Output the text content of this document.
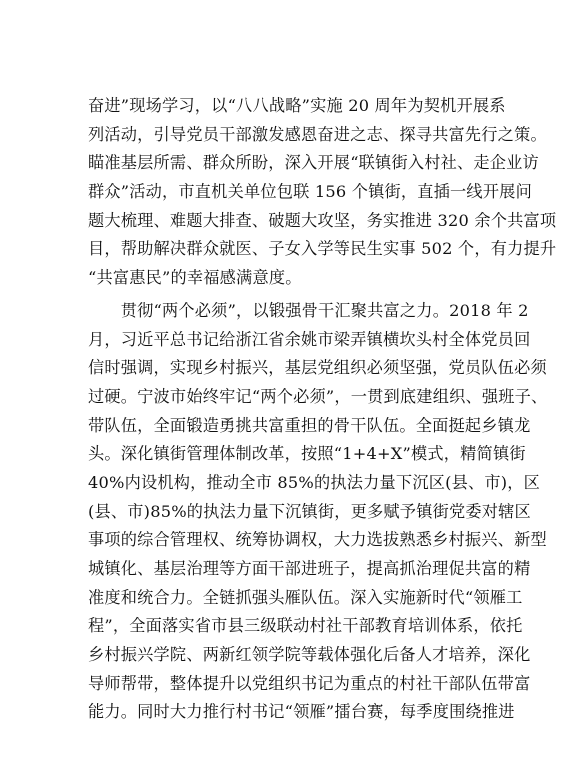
奋进”现场学习，以“八八战略”实施 20 周年为契机开展系
列活动，引导党员干部激发感恩奋进之志、探寻共富先行之策。
瞄准基层所需、群众所盼，深入开展“联镇街入村社、走企业访
群众”活动，市直机关单位包联 156 个镇街，直插一线开展问
题大梳理、难题大排查、破题大攻坚，务实推进 320 余个共富项
目，帮助解决群众就医、子女入学等民生实事 502 个，有力提升
“共富惠民”的幸福感满意度。
　　贯彻“两个必须”，以锻强骨干汇聚共富之力。2018 年 2
月，习近平总书记给浙江省余姚市梁弄镇横坎头村全体党员回
信时强调，实现乡村振兴，基层党组织必须坚强，党员队伍必须
过硬。宁波市始终牢记“两个必须”，一贯到底建组织、强班子、
带队伍，全面锻造勇挑共富重担的骨干队伍。全面挺起乡镇龙
头。深化镇街管理体制改革，按照“1+4+X”模式，精简镇街
40%内设机构，推动全市 85%的执法力量下沉区(县、市)，区
(县、市)85%的执法力量下沉镇街，更多赋予镇街党委对辖区
事项的综合管理权、统筹协调权，大力选拔熟悉乡村振兴、新型
城镇化、基层治理等方面干部进班子，提高抓治理促共富的精
准度和统合力。全链抓强头雁队伍。深入实施新时代“领雁工
程”，全面落实省市县三级联动村社干部教育培训体系，依托
乡村振兴学院、两新红领学院等载体强化后备人才培养，深化
导师帮带，整体提升以党组织书记为重点的村社干部队伍带富
能力。同时大力推行村书记“领雁”擂台赛，每季度围绕推进
